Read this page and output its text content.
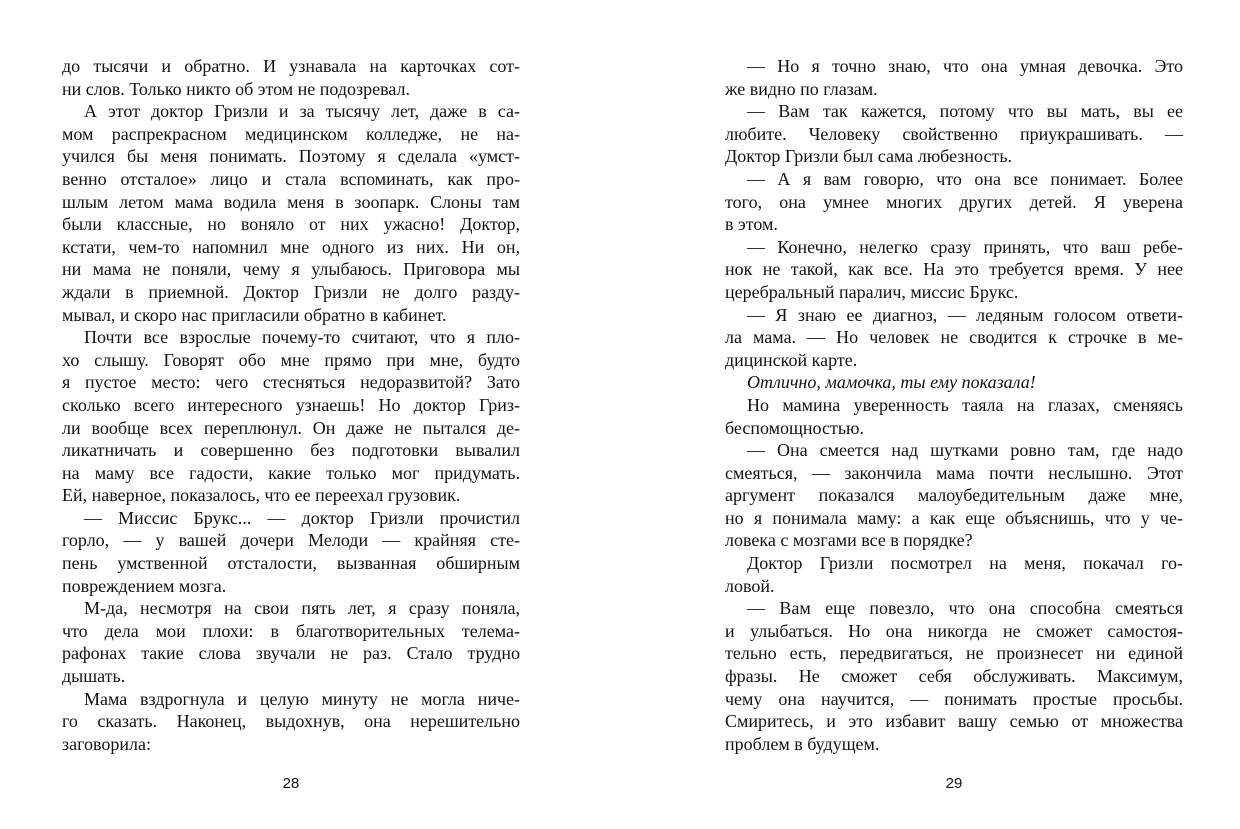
до тысячи и обратно. И узнавала на карточках сот-
ни слов. Только никто об этом не подозревал.
А этот доктор Гризли и за тысячу лет, даже в са-
мом распрекрасном медицинском колледже, не на-
учился бы меня понимать. Поэтому я сделала «умст-
венно отсталое» лицо и стала вспоминать, как про-
шлым летом мама водила меня в зоопарк. Слоны там
были классные, но воняло от них ужасно! Доктор,
кстати, чем-то напомнил мне одного из них. Ни он,
ни мама не поняли, чему я улыбаюсь. Приговора мы
ждали в приемной. Доктор Гризли не долго разду-
мывал, и скоро нас пригласили обратно в кабинет.
Почти все взрослые почему-то считают, что я пло-
хо слышу. Говорят обо мне прямо при мне, будто
я пустое место: чего стесняться недоразвитой? Зато
сколько всего интересного узнаешь! Но доктор Гриз-
ли вообще всех переплюнул. Он даже не пытался де-
ликатничать и совершенно без подготовки вывалил
на маму все гадости, какие только мог придумать.
Ей, наверное, показалось, что ее переехал грузовик.
— Миссис Брукс... — доктор Гризли прочистил
горло, — у вашей дочери Мелоди — крайняя сте-
пень умственной отсталости, вызванная обширным
повреждением мозга.
М-да, несмотря на свои пять лет, я сразу поняла,
что дела мои плохи: в благотворительных телема-
рафонах такие слова звучали не раз. Стало трудно
дышать.
Мама вздрогнула и целую минуту не могла ниче-
го сказать. Наконец, выдохнув, она нерешительно
заговорила:
28
— Но я точно знаю, что она умная девочка. Это
же видно по глазам.
— Вам так кажется, потому что вы мать, вы ее
любите. Человеку свойственно приукрашивать. —
Доктор Гризли был сама любезность.
— А я вам говорю, что она все понимает. Более
того, она умнее многих других детей. Я уверена
в этом.
— Конечно, нелегко сразу принять, что ваш ребе-
нок не такой, как все. На это требуется время. У нее
церебральный паралич, миссис Брукс.
— Я знаю ее диагноз, — ледяным голосом ответи-
ла мама. — Но человек не сводится к строчке в ме-
дицинской карте.
Отлично, мамочка, ты ему показала!
Но мамина уверенность таяла на глазах, сменяясь
беспомощностью.
— Она смеется над шутками ровно там, где надо
смеяться, — закончила мама почти неслышно. Этот
аргумент показался малоубедительным даже мне,
но я понимала маму: а как еще объяснишь, что у че-
ловека с мозгами все в порядке?
Доктор Гризли посмотрел на меня, покачал го-
ловой.
— Вам еще повезло, что она способна смеяться
и улыбаться. Но она никогда не сможет самостоя-
тельно есть, передвигаться, не произнесет ни единой
фразы. Не сможет себя обслуживать. Максимум,
чему она научится, — понимать простые просьбы.
Смиритесь, и это избавит вашу семью от множества
проблем в будущем.
29
